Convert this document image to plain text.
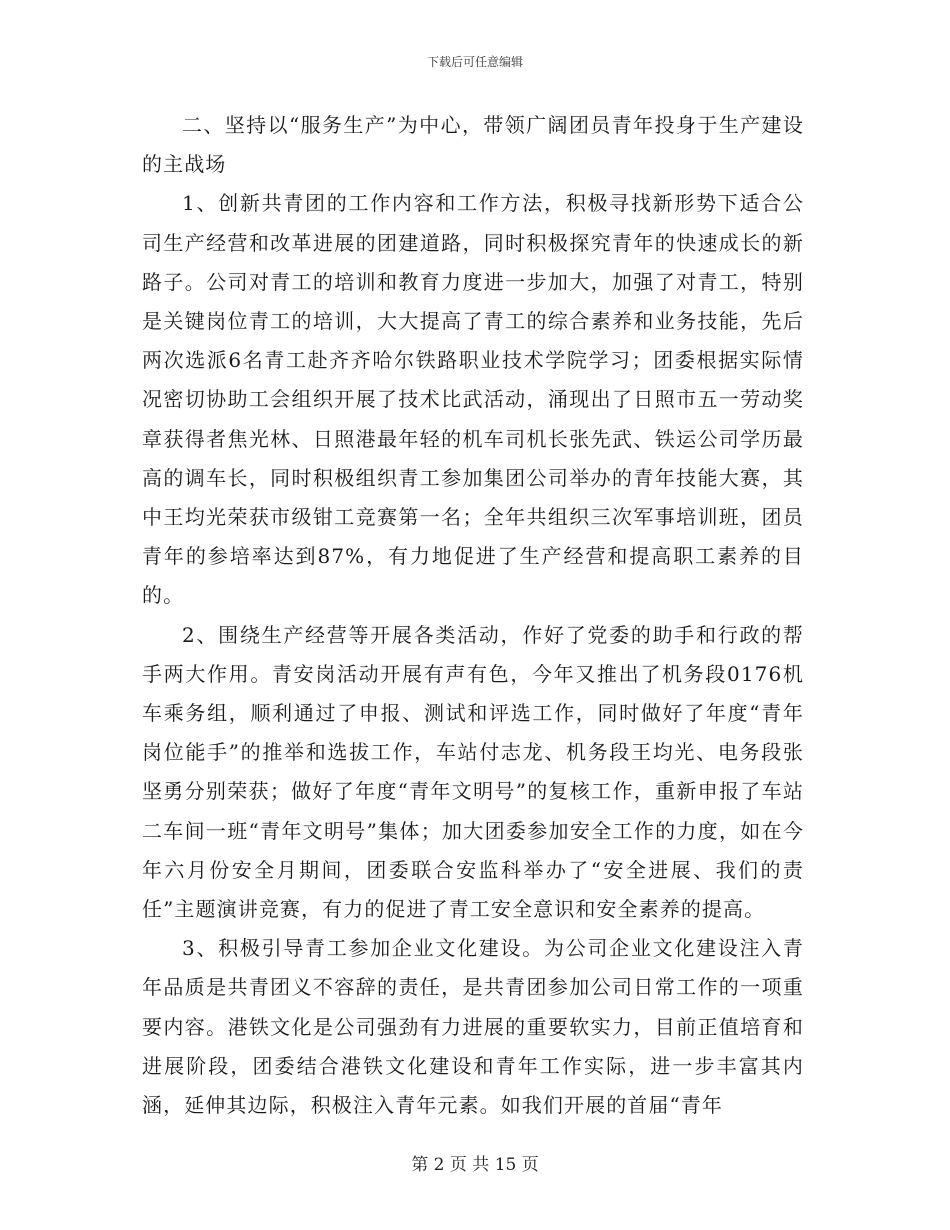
下载后可任意编辑

二、坚持以“服务生产”为中心，带领广阔团员青年投身于生产建设的主战场

1、创新共青团的工作内容和工作方法，积极寻找新形势下适合公司生产经营和改革进展的团建道路，同时积极探究青年的快速成长的新路子。公司对青工的培训和教育力度进一步加大，加强了对青工，特别是关键岗位青工的培训，大大提高了青工的综合素养和业务技能，先后两次选派6名青工赴齐齐哈尔铁路职业技术学院学习；团委根据实际情况密切协助工会组织开展了技术比武活动，涌现出了日照市五一劳动奖章获得者焦光林、日照港最年轻的机车司机长张先武、铁运公司学历最高的调车长，同时积极组织青工参加集团公司举办的青年技能大赛，其中王均光荣获市级钳工竞赛第一名；全年共组织三次军事培训班，团员青年的参培率达到87%，有力地促进了生产经营和提高职工素养的目的。

2、围绕生产经营等开展各类活动，作好了党委的助手和行政的帮手两大作用。青安岗活动开展有声有色，今年又推出了机务段0176机车乘务组，顺利通过了申报、测试和评选工作，同时做好了年度“青年岗位能手”的推举和选拔工作，车站付志龙、机务段王均光、电务段张坚勇分别荣获；做好了年度“青年文明号”的复核工作，重新申报了车站二车间一班“青年文明号”集体；加大团委参加安全工作的力度，如在今年六月份安全月期间，团委联合安监科举办了“安全进展、我们的责任”主题演讲竞赛，有力的促进了青工安全意识和安全素养的提高。

3、积极引导青工参加企业文化建设。为公司企业文化建设注入青年品质是共青团义不容辞的责任，是共青团参加公司日常工作的一项重要内容。港铁文化是公司强劲有力进展的重要软实力，目前正值培育和进展阶段，团委结合港铁文化建设和青年工作实际，进一步丰富其内涵，延伸其边际，积极注入青年元素。如我们开展的首届“青年

第 2 页 共 15 页
